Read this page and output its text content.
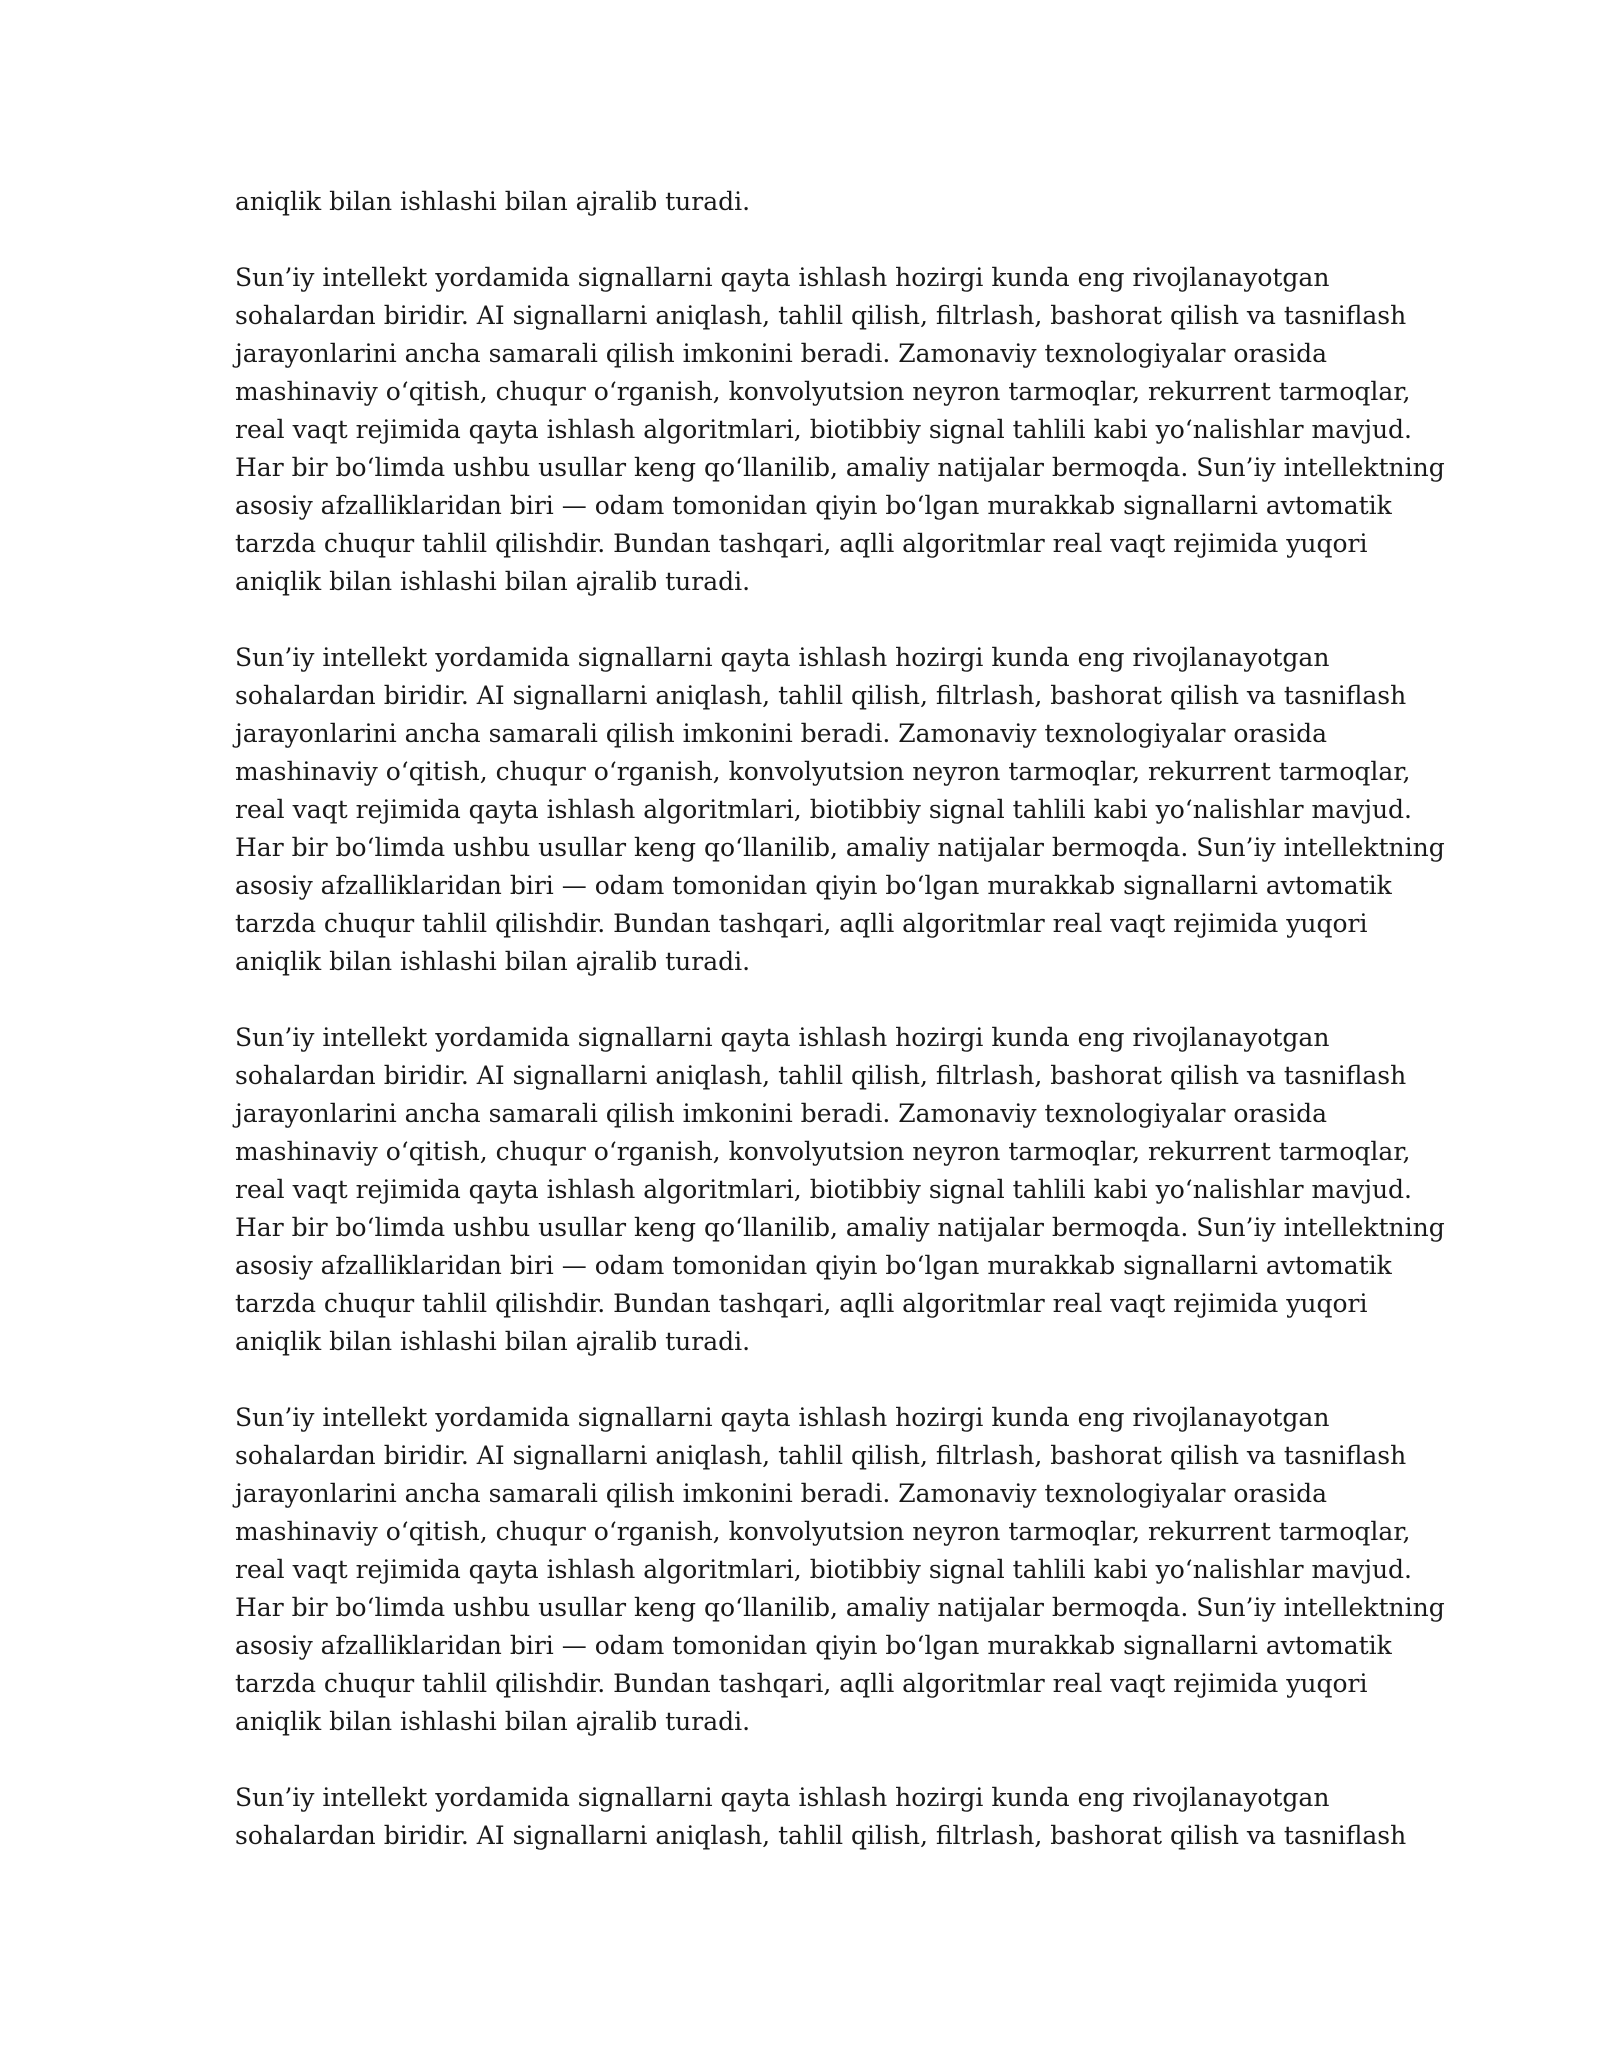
aniqlik bilan ishlashi bilan ajralib turadi.

Sun’iy intellekt yordamida signallarni qayta ishlash hozirgi kunda eng rivojlanayotgan
sohalardan biridir. AI signallarni aniqlash, tahlil qilish, filtrlash, bashorat qilish va tasniflash
jarayonlarini ancha samarali qilish imkonini beradi. Zamonaviy texnologiyalar orasida
mashinaviy oʻqitish, chuqur oʻrganish, konvolyutsion neyron tarmoqlar, rekurrent tarmoqlar,
real vaqt rejimida qayta ishlash algoritmlari, biotibbiy signal tahlili kabi yoʻnalishlar mavjud.
Har bir boʻlimda ushbu usullar keng qoʻllanilib, amaliy natijalar bermoqda. Sun’iy intellektning
asosiy afzalliklaridan biri — odam tomonidan qiyin boʻlgan murakkab signallarni avtomatik
tarzda chuqur tahlil qilishdir. Bundan tashqari, aqlli algoritmlar real vaqt rejimida yuqori
aniqlik bilan ishlashi bilan ajralib turadi.

Sun’iy intellekt yordamida signallarni qayta ishlash hozirgi kunda eng rivojlanayotgan
sohalardan biridir. AI signallarni aniqlash, tahlil qilish, filtrlash, bashorat qilish va tasniflash
jarayonlarini ancha samarali qilish imkonini beradi. Zamonaviy texnologiyalar orasida
mashinaviy oʻqitish, chuqur oʻrganish, konvolyutsion neyron tarmoqlar, rekurrent tarmoqlar,
real vaqt rejimida qayta ishlash algoritmlari, biotibbiy signal tahlili kabi yoʻnalishlar mavjud.
Har bir boʻlimda ushbu usullar keng qoʻllanilib, amaliy natijalar bermoqda. Sun’iy intellektning
asosiy afzalliklaridan biri — odam tomonidan qiyin boʻlgan murakkab signallarni avtomatik
tarzda chuqur tahlil qilishdir. Bundan tashqari, aqlli algoritmlar real vaqt rejimida yuqori
aniqlik bilan ishlashi bilan ajralib turadi.

Sun’iy intellekt yordamida signallarni qayta ishlash hozirgi kunda eng rivojlanayotgan
sohalardan biridir. AI signallarni aniqlash, tahlil qilish, filtrlash, bashorat qilish va tasniflash
jarayonlarini ancha samarali qilish imkonini beradi. Zamonaviy texnologiyalar orasida
mashinaviy oʻqitish, chuqur oʻrganish, konvolyutsion neyron tarmoqlar, rekurrent tarmoqlar,
real vaqt rejimida qayta ishlash algoritmlari, biotibbiy signal tahlili kabi yoʻnalishlar mavjud.
Har bir boʻlimda ushbu usullar keng qoʻllanilib, amaliy natijalar bermoqda. Sun’iy intellektning
asosiy afzalliklaridan biri — odam tomonidan qiyin boʻlgan murakkab signallarni avtomatik
tarzda chuqur tahlil qilishdir. Bundan tashqari, aqlli algoritmlar real vaqt rejimida yuqori
aniqlik bilan ishlashi bilan ajralib turadi.

Sun’iy intellekt yordamida signallarni qayta ishlash hozirgi kunda eng rivojlanayotgan
sohalardan biridir. AI signallarni aniqlash, tahlil qilish, filtrlash, bashorat qilish va tasniflash
jarayonlarini ancha samarali qilish imkonini beradi. Zamonaviy texnologiyalar orasida
mashinaviy oʻqitish, chuqur oʻrganish, konvolyutsion neyron tarmoqlar, rekurrent tarmoqlar,
real vaqt rejimida qayta ishlash algoritmlari, biotibbiy signal tahlili kabi yoʻnalishlar mavjud.
Har bir boʻlimda ushbu usullar keng qoʻllanilib, amaliy natijalar bermoqda. Sun’iy intellektning
asosiy afzalliklaridan biri — odam tomonidan qiyin boʻlgan murakkab signallarni avtomatik
tarzda chuqur tahlil qilishdir. Bundan tashqari, aqlli algoritmlar real vaqt rejimida yuqori
aniqlik bilan ishlashi bilan ajralib turadi.

Sun’iy intellekt yordamida signallarni qayta ishlash hozirgi kunda eng rivojlanayotgan
sohalardan biridir. AI signallarni aniqlash, tahlil qilish, filtrlash, bashorat qilish va tasniflash
